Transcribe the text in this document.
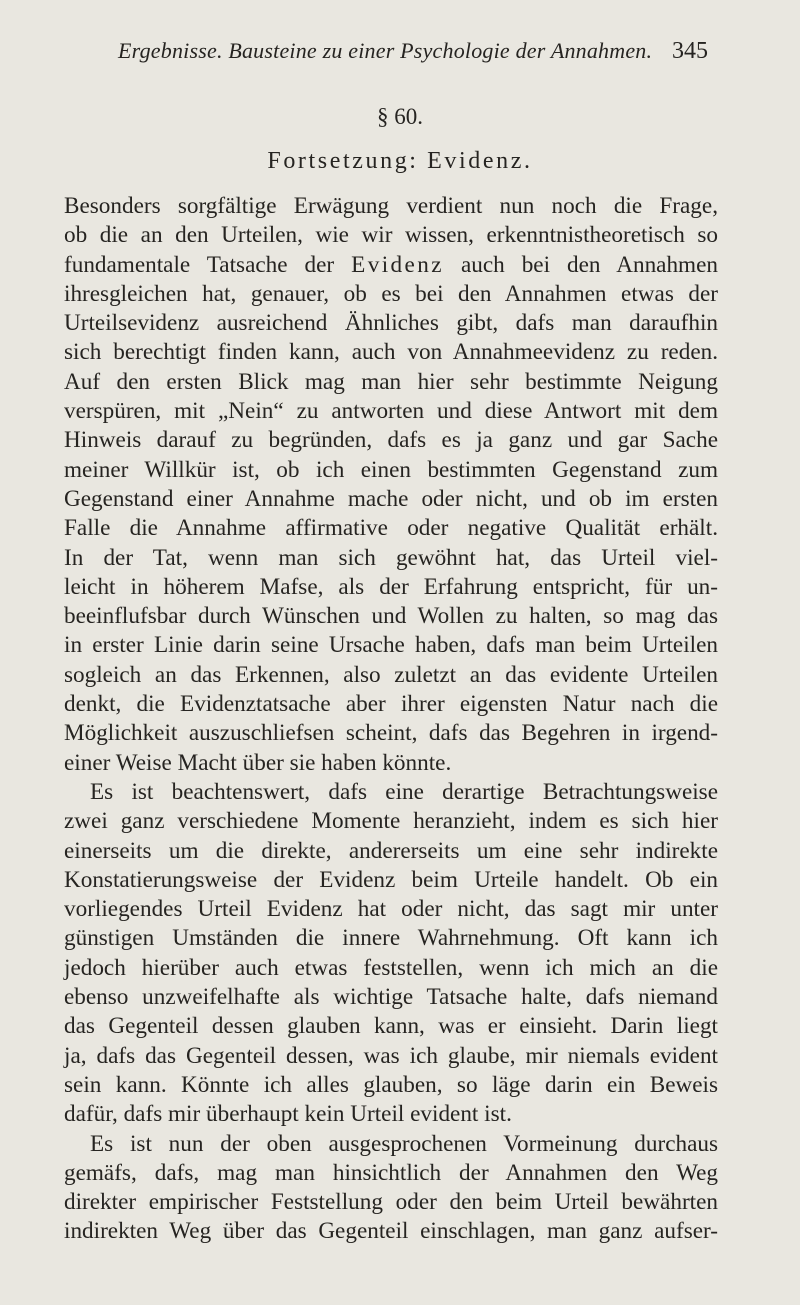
Ergebnisse. Bausteine zu einer Psychologie der Annahmen. 345
§ 60.
Fortsetzung: Evidenz.

Besonders sorgfältige Erwägung verdient nun noch die Frage,

ob die an den Urteilen, wie wir wissen, erkenntnistheoretisch so

fundamentale Tatsache der Evidenz auch bei den Annahmen

ihresgleichen hat, genauer, ob es bei den Annahmen etwas der

Urteilsevidenz ausreichend Ähnliches gibt, dafs man daraufhin

sich berechtigt finden kann, auch von Annahmeevidenz zu reden.

Auf den ersten Blick mag man hier sehr bestimmte Neigung

verspüren, mit „Nein“ zu antworten und diese Antwort mit dem

Hinweis darauf zu begründen, dafs es ja ganz und gar Sache

meiner Willkür ist, ob ich einen bestimmten Gegenstand zum

Gegenstand einer Annahme mache oder nicht, und ob im ersten

Falle die Annahme affirmative oder negative Qualität erhält.

In der Tat, wenn man sich gewöhnt hat, das Urteil viel-

leicht in höherem Mafse, als der Erfahrung entspricht, für un-

beeinflufsbar durch Wünschen und Wollen zu halten, so mag das

in erster Linie darin seine Ursache haben, dafs man beim Urteilen

sogleich an das Erkennen, also zuletzt an das evidente Urteilen

denkt, die Evidenztatsache aber ihrer eigensten Natur nach die

Möglichkeit auszuschliefsen scheint, dafs das Begehren in irgend-

einer Weise Macht über sie haben könnte.

Es ist beachtenswert, dafs eine derartige Betrachtungsweise

zwei ganz verschiedene Momente heranzieht, indem es sich hier

einerseits um die direkte, andererseits um eine sehr indirekte

Konstatierungsweise der Evidenz beim Urteile handelt. Ob ein

vorliegendes Urteil Evidenz hat oder nicht, das sagt mir unter

günstigen Umständen die innere Wahrnehmung. Oft kann ich

jedoch hierüber auch etwas feststellen, wenn ich mich an die

ebenso unzweifelhafte als wichtige Tatsache halte, dafs niemand

das Gegenteil dessen glauben kann, was er einsieht. Darin liegt

ja, dafs das Gegenteil dessen, was ich glaube, mir niemals evident

sein kann. Könnte ich alles glauben, so läge darin ein Beweis

dafür, dafs mir überhaupt kein Urteil evident ist.

Es ist nun der oben ausgesprochenen Vormeinung durchaus

gemäfs, dafs, mag man hinsichtlich der Annahmen den Weg

direkter empirischer Feststellung oder den beim Urteil bewährten

indirekten Weg über das Gegenteil einschlagen, man ganz aufser-
